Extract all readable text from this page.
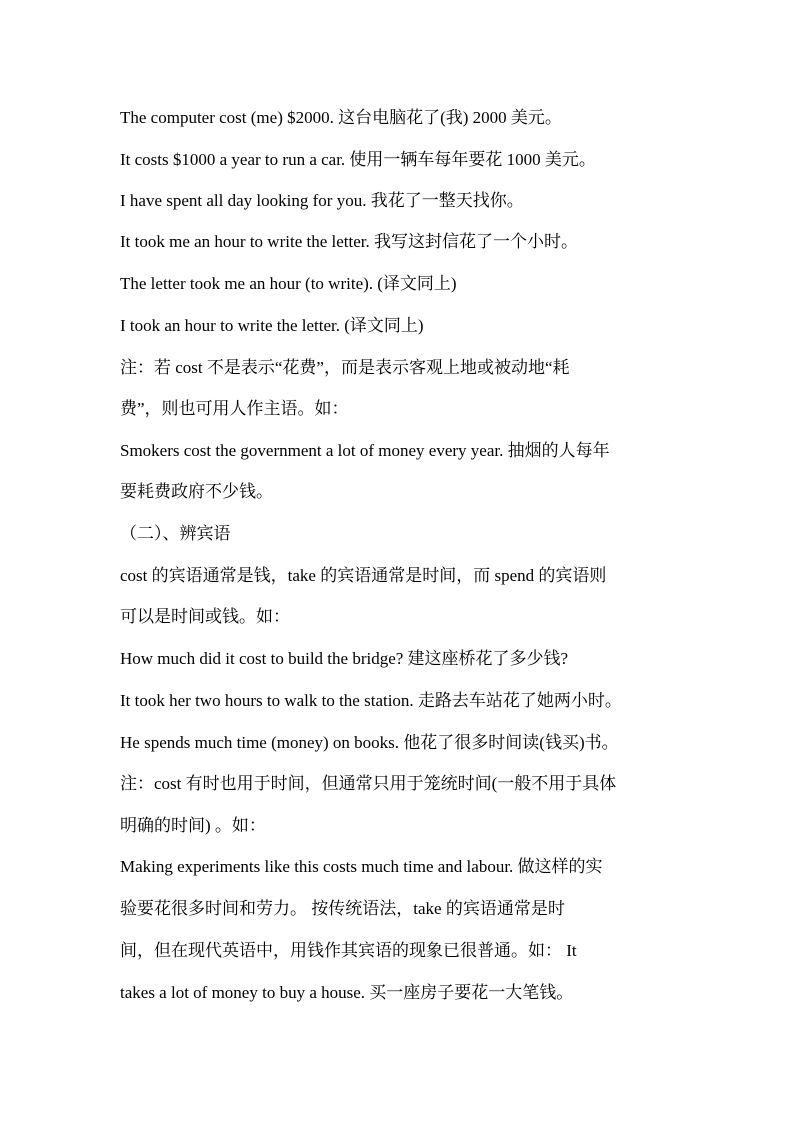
The computer cost (me) $2000. 这台电脑花了(我) 2000 美元。
It costs $1000 a year to run a car. 使用一辆车每年要花 1000 美元。
I have spent all day looking for you. 我花了一整天找你。
It took me an hour to write the letter. 我写这封信花了一个小时。
The letter took me an hour (to write). (译文同上)
I took an hour to write the letter. (译文同上)
注：若 cost 不是表示“花费”，而是表示客观上地或被动地“耗
费”，则也可用人作主语。如：
Smokers cost the government a lot of money every year. 抽烟的人每年
要耗费政府不少钱。
（二）、辨宾语
cost 的宾语通常是钱，take 的宾语通常是时间，而 spend 的宾语则
可以是时间或钱。如：
How much did it cost to build the bridge? 建这座桥花了多少钱?
It took her two hours to walk to the station. 走路去车站花了她两小时。
He spends much time (money) on books. 他花了很多时间读(钱买)书。
注：cost 有时也用于时间，但通常只用于笼统时间(一般不用于具体
明确的时间) 。如：
Making experiments like this costs much time and labour. 做这样的实
验要花很多时间和劳力。 按传统语法，take 的宾语通常是时
间，但在现代英语中，用钱作其宾语的现象已很普通。如： It
takes a lot of money to buy a house. 买一座房子要花一大笔钱。
